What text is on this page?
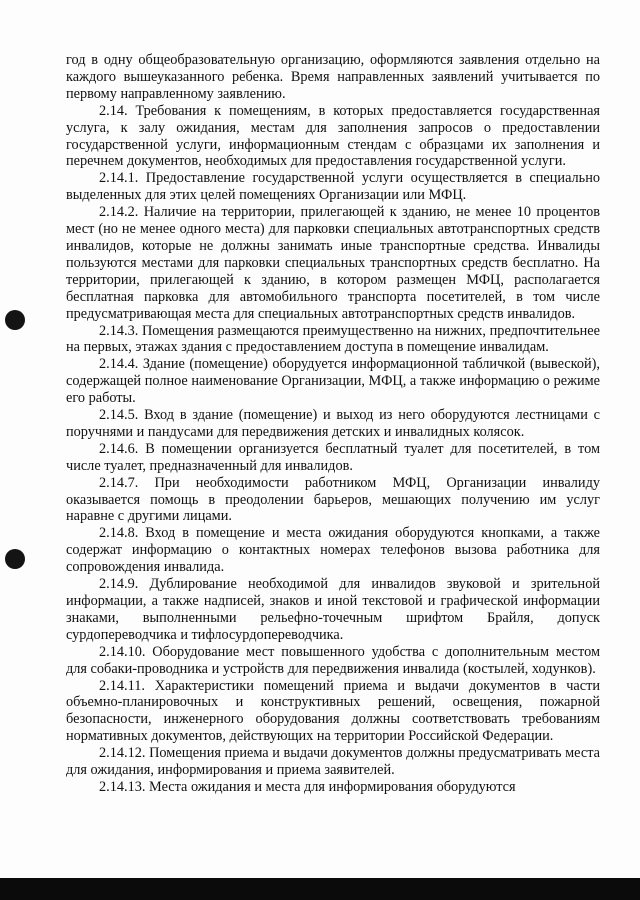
год в одну общеобразовательную организацию, оформляются заявления отдельно на каждого вышеуказанного ребенка. Время направленных заявлений учитывается по первому направленному заявлению.

2.14. Требования к помещениям, в которых предоставляется государственная услуга, к залу ожидания, местам для заполнения запросов о предоставлении государственной услуги, информационным стендам с образцами их заполнения и перечнем документов, необходимых для предоставления государственной услуги.

2.14.1. Предоставление государственной услуги осуществляется в специально выделенных для этих целей помещениях Организации или МФЦ.

2.14.2. Наличие на территории, прилегающей к зданию, не менее 10 процентов мест (но не менее одного места) для парковки специальных автотранспортных средств инвалидов, которые не должны занимать иные транспортные средства. Инвалиды пользуются местами для парковки специальных транспортных средств бесплатно. На территории, прилегающей к зданию, в котором размещен МФЦ, располагается бесплатная парковка для автомобильного транспорта посетителей, в том числе предусматривающая места для специальных автотранспортных средств инвалидов.

2.14.3. Помещения размещаются преимущественно на нижних, предпочтительнее на первых, этажах здания с предоставлением доступа в помещение инвалидам.

2.14.4. Здание (помещение) оборудуется информационной табличкой (вывеской), содержащей полное наименование Организации, МФЦ, а также информацию о режиме его работы.

2.14.5. Вход в здание (помещение) и выход из него оборудуются лестницами с поручнями и пандусами для передвижения детских и инвалидных колясок.

2.14.6. В помещении организуется бесплатный туалет для посетителей, в том числе туалет, предназначенный для инвалидов.

2.14.7. При необходимости работником МФЦ, Организации инвалиду оказывается помощь в преодолении барьеров, мешающих получению им услуг наравне с другими лицами.

2.14.8. Вход в помещение и места ожидания оборудуются кнопками, а также содержат информацию о контактных номерах телефонов вызова работника для сопровождения инвалида.

2.14.9. Дублирование необходимой для инвалидов звуковой и зрительной информации, а также надписей, знаков и иной текстовой и графической информации знаками, выполненными рельефно-точечным шрифтом Брайля, допуск сурдопереводчика и тифлосурдопереводчика.

2.14.10. Оборудование мест повышенного удобства с дополнительным местом для собаки-проводника и устройств для передвижения инвалида (костылей, ходунков).

2.14.11. Характеристики помещений приема и выдачи документов в части объемно-планировочных и конструктивных решений, освещения, пожарной безопасности, инженерного оборудования должны соответствовать требованиям нормативных документов, действующих на территории Российской Федерации.

2.14.12. Помещения приема и выдачи документов должны предусматривать места для ожидания, информирования и приема заявителей.

2.14.13. Места ожидания и места для информирования оборудуются
